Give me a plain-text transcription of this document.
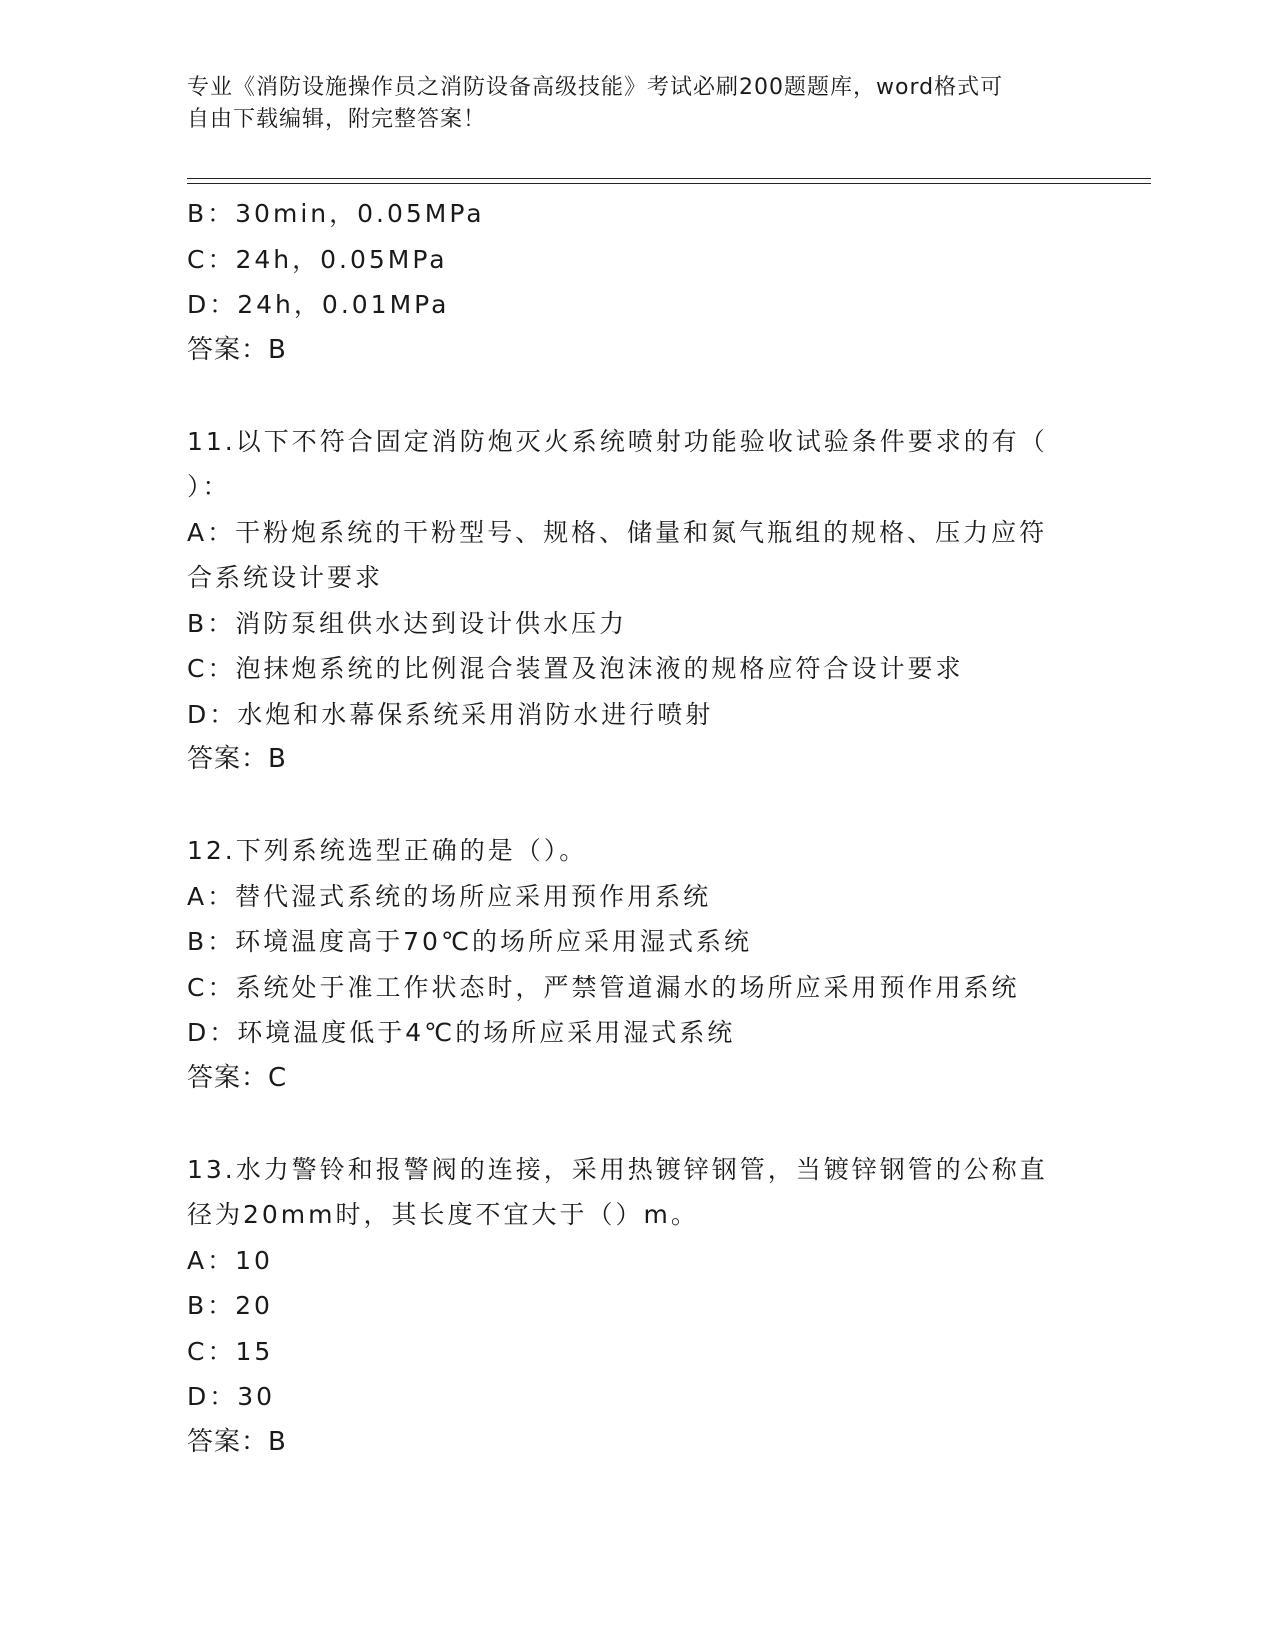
专业《消防设施操作员之消防设备高级技能》考试必刷200题题库，word格式可
自由下载编辑，附完整答案！
B：30min，0.05MPa
C：24h，0.05MPa
D：24h，0.01MPa
答案：B
11.以下不符合固定消防炮灭火系统喷射功能验收试验条件要求的有（
）：
A：干粉炮系统的干粉型号、规格、储量和氮气瓶组的规格、压力应符
合系统设计要求
B：消防泵组供水达到设计供水压力
C：泡抹炮系统的比例混合装置及泡沫液的规格应符合设计要求
D：水炮和水幕保系统采用消防水进行喷射
答案：B
12.下列系统选型正确的是（）。
A：替代湿式系统的场所应采用预作用系统
B：环境温度高于70℃的场所应采用湿式系统
C：系统处于准工作状态时，严禁管道漏水的场所应采用预作用系统
D：环境温度低于4℃的场所应采用湿式系统
答案：C
13.水力警铃和报警阀的连接，采用热镀锌钢管，当镀锌钢管的公称直
径为20mm时，其长度不宜大于（）m。
A：10
B：20
C：15
D：30
答案：B
